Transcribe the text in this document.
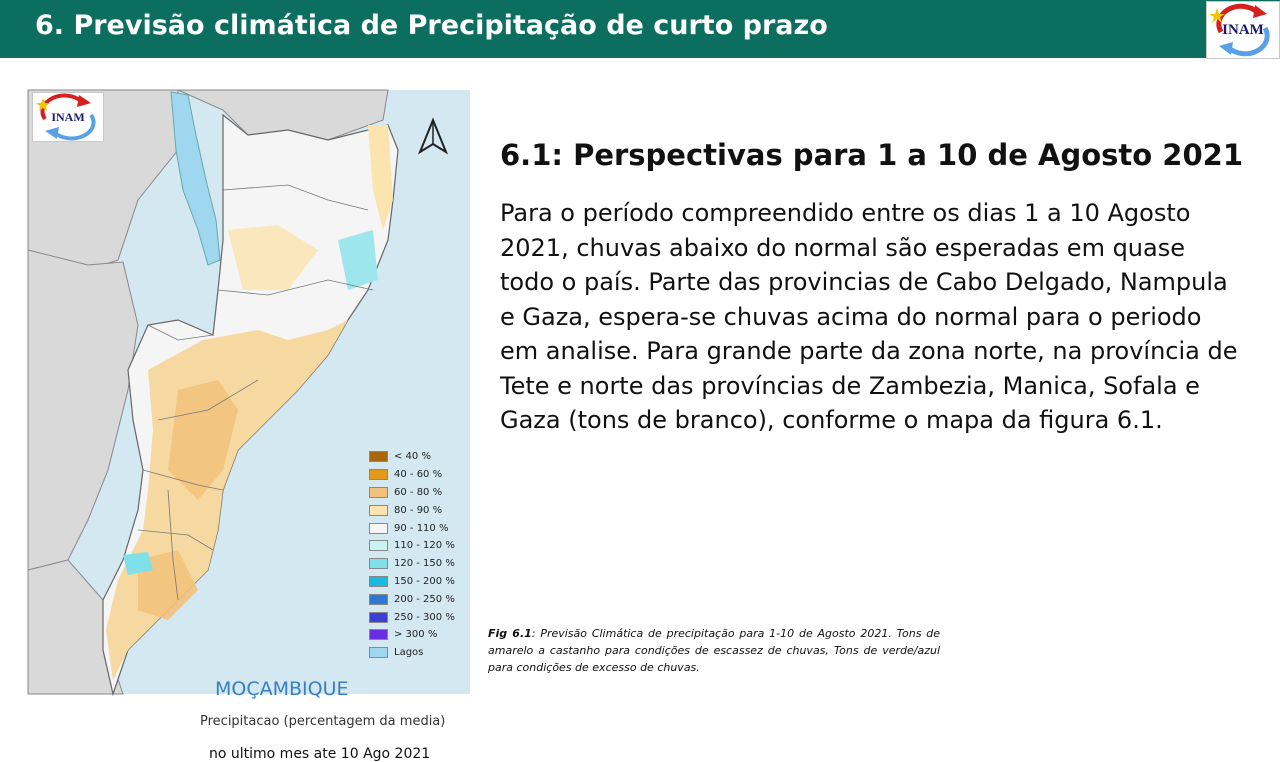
6. Previsão climática de Precipitação de curto prazo	INAM
INAM
< 40 %
40 - 60 %
60 - 80 %
80 - 90 %
90 - 110 %
110 - 120 %
120 - 150 %
150 - 200 %
200 - 250 %
250 - 300 %
> 300 %
Lagos
MOÇAMBIQUE
Precipitacao (percentagem da media)
no ultimo mes ate 10 Ago 2021
6.1: Perspectivas para 1 a 10 de Agosto 2021
Para o período compreendido entre os dias 1 a 10 Agosto 2021, chuvas abaixo do normal são esperadas em quase todo o país. Parte das provincias de Cabo Delgado, Nampula e Gaza, espera-se chuvas acima do normal para o periodo em analise. Para grande parte da zona norte, na província de Tete e norte das províncias de Zambezia, Manica, Sofala e Gaza (tons de branco), conforme o mapa da figura 6.1.
Fig 6.1: Previsão Climática de precipitação para 1-10 de Agosto 2021. Tons de amarelo a castanho para condições de escassez de chuvas, Tons de verde/azul para condições de excesso de chuvas.
